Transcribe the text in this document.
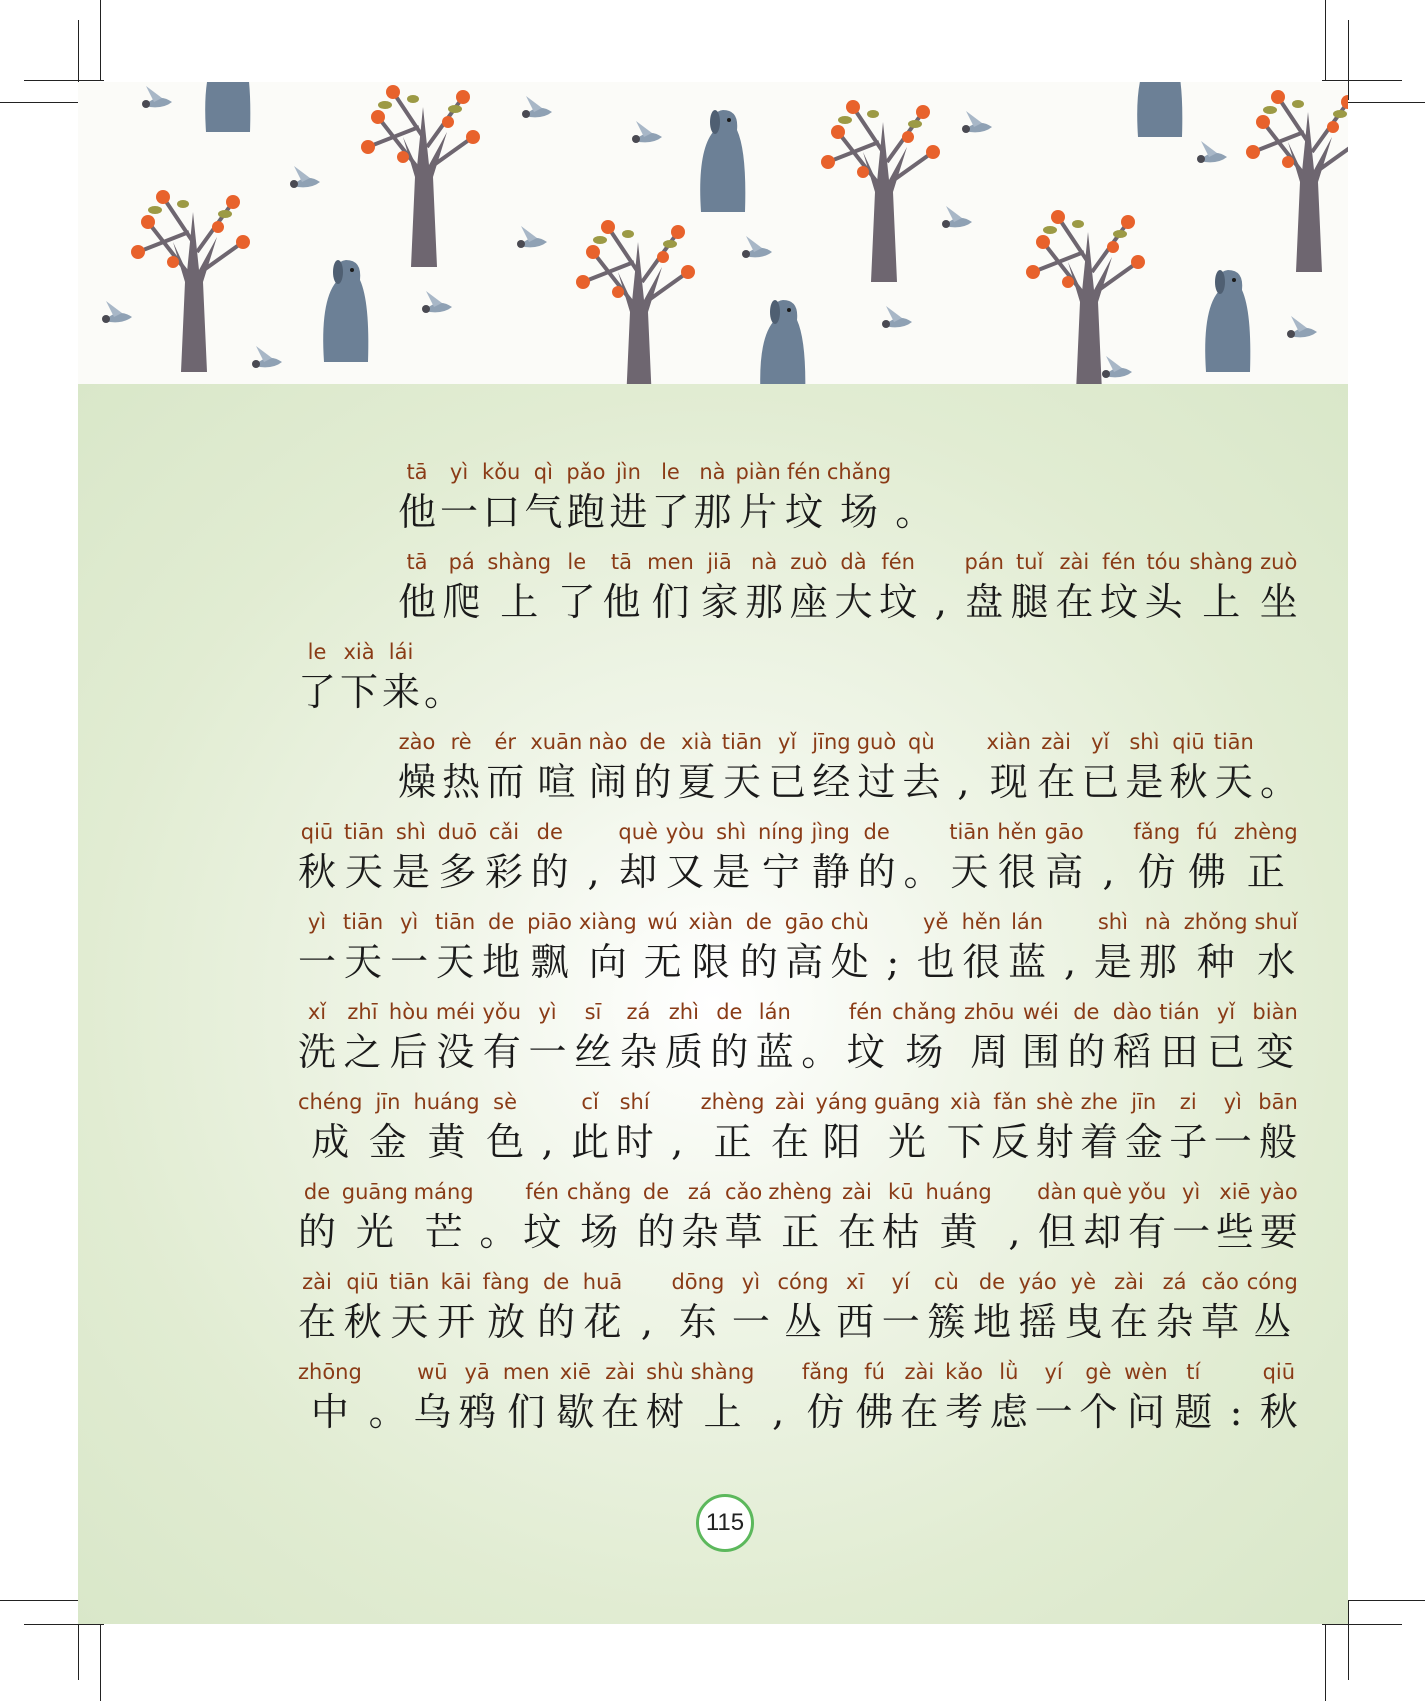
tā
他
yì
一
kǒu
口
qì
气
pǎo
跑
jìn
进
le
了
nà
那
piàn
片
fén
坟
chǎng
场 。
tā
他
pá
爬
shàng
上
le
了
tā
他
men
们
jiā
家
nà
那
zuò
座
dà
大
fén
坟 ,
pán
盘
tuǐ
腿
zài
在
fén
坟
tóu
头
shàng
上
zuò
坐
le
了
xià
下
lái
来 。
zào
燥
rè
热
ér
而
xuān
喧
nào
闹
de
的
xià
夏
tiān
天
yǐ
已
jīng
经
guò
过
qù
去 ,
xiàn
现
zài
在
yǐ
已
shì
是
qiū
秋
tiān
天 。
qiū
秋
tiān
天
shì
是
duō
多
cǎi
彩
de
的 ,
què
却
yòu
又
shì
是
níng
宁
jìng
静
de
的 。
tiān
天
hěn
很
gāo
高 ,
fǎng
仿
fú
佛
zhèng
正
yì
一
tiān
天
yì
一
tiān
天
de
地
piāo
飘
xiàng
向
wú
无
xiàn
限
de
的
gāo
高
chù
处 ;
yě
也
hěn
很
lán
蓝 ,
shì
是
nà
那
zhǒng
种
shuǐ
水
xǐ
洗
zhī
之
hòu
后
méi
没
yǒu
有
yì
一
sī
丝
zá
杂
zhì
质
de
的
lán
蓝 。
fén
坟
chǎng
场
zhōu
周
wéi
围
de
的
dào
稻
tián
田
yǐ
已
biàn
变
chéng
成
jīn
金
huáng
黄
sè
色 ,
cǐ
此
shí
时 ,
zhèng
正
zài
在
yáng
阳
guāng
光
xià
下
fǎn
反
shè
射
zhe
着
jīn
金
zi
子
yì
一
bān
般
de
的
guāng
光
máng
芒 。
fén
坟
chǎng
场
de
的
zá
杂
cǎo
草
zhèng
正
zài
在
kū
枯
huáng
黄 ,
dàn
但
què
却
yǒu
有
yì
一
xiē
些
yào
要
zài
在
qiū
秋
tiān
天
kāi
开
fàng
放
de
的
huā
花 ,
dōng
东
yì
一
cóng
丛
xī
西
yí
一
cù
簇
de
地
yáo
摇
yè
曳
zài
在
zá
杂
cǎo
草
cóng
丛
zhōng
中 。
wū
乌
yā
鸦
men
们
xiē
歇
zài
在
shù
树
shàng
上 ,
fǎng
仿
fú
佛
zài
在
kǎo
考
lǜ
虑
yí
一
gè
个
wèn
问
tí
题 :
qiū
秋
115
